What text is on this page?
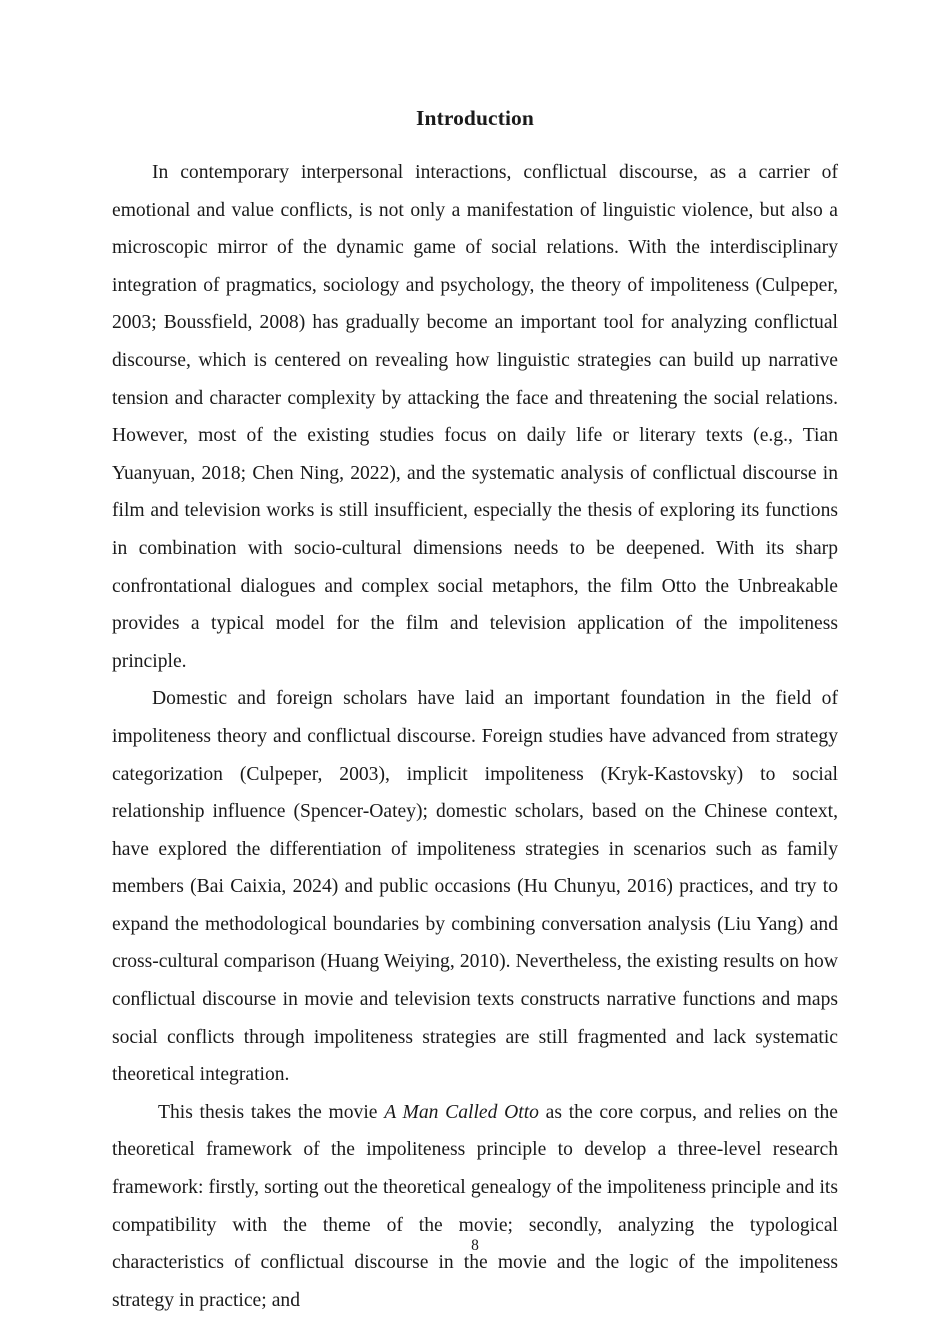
Introduction

In contemporary interpersonal interactions, conflictual discourse, as a carrier of emotional and value conflicts, is not only a manifestation of linguistic violence, but also a microscopic mirror of the dynamic game of social relations. With the interdisciplinary integration of pragmatics, sociology and psychology, the theory of impoliteness (Culpeper, 2003; Boussfield, 2008) has gradually become an important tool for analyzing conflictual discourse, which is centered on revealing how linguistic strategies can build up narrative tension and character complexity by attacking the face and threatening the social relations. However, most of the existing studies focus on daily life or literary texts (e.g., Tian Yuanyuan, 2018; Chen Ning, 2022), and the systematic analysis of conflictual discourse in film and television works is still insufficient, especially the thesis of exploring its functions in combination with socio-cultural dimensions needs to be deepened. With its sharp confrontational dialogues and complex social metaphors, the film Otto the Unbreakable provides a typical model for the film and television application of the impoliteness principle.

Domestic and foreign scholars have laid an important foundation in the field of impoliteness theory and conflictual discourse. Foreign studies have advanced from strategy categorization (Culpeper, 2003), implicit impoliteness (Kryk-Kastovsky) to social relationship influence (Spencer-Oatey); domestic scholars, based on the Chinese context, have explored the differentiation of impoliteness strategies in scenarios such as family members (Bai Caixia, 2024) and public occasions (Hu Chunyu, 2016) practices, and try to expand the methodological boundaries by combining conversation analysis (Liu Yang) and cross-cultural comparison (Huang Weiying, 2010). Nevertheless, the existing results on how conflictual discourse in movie and television texts constructs narrative functions and maps social conflicts through impoliteness strategies are still fragmented and lack systematic theoretical integration.

This thesis takes the movie A Man Called Otto as the core corpus, and relies on the theoretical framework of the impoliteness principle to develop a three-level research framework: firstly, sorting out the theoretical genealogy of the impoliteness principle and its compatibility with the theme of the movie; secondly, analyzing the typological characteristics of conflictual discourse in the movie and the logic of the impoliteness strategy in practice; and

8
